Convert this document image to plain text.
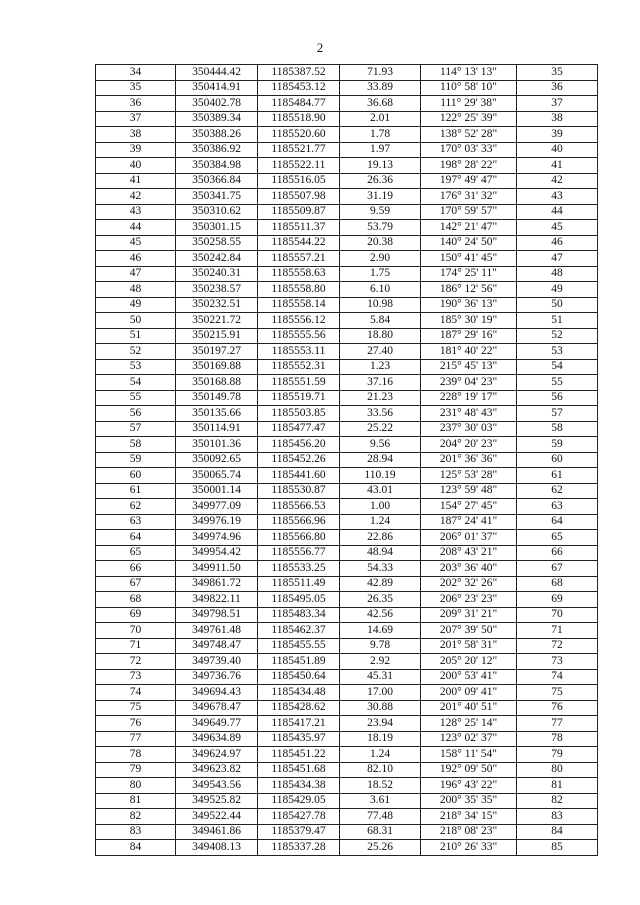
2
34	350444.42	1185387.52	71.93	114° 13' 13"	35
35	350414.91	1185453.12	33.89	110° 58' 10"	36
36	350402.78	1185484.77	36.68	111° 29' 38"	37
37	350389.34	1185518.90	2.01	122° 25' 39"	38
38	350388.26	1185520.60	1.78	138° 52' 28"	39
39	350386.92	1185521.77	1.97	170° 03' 33"	40
40	350384.98	1185522.11	19.13	198° 28' 22"	41
41	350366.84	1185516.05	26.36	197° 49' 47"	42
42	350341.75	1185507.98	31.19	176° 31' 32"	43
43	350310.62	1185509.87	9.59	170° 59' 57"	44
44	350301.15	1185511.37	53.79	142° 21' 47"	45
45	350258.55	1185544.22	20.38	140° 24' 50"	46
46	350242.84	1185557.21	2.90	150° 41' 45"	47
47	350240.31	1185558.63	1.75	174° 25' 11"	48
48	350238.57	1185558.80	6.10	186° 12' 56"	49
49	350232.51	1185558.14	10.98	190° 36' 13"	50
50	350221.72	1185556.12	5.84	185° 30' 19"	51
51	350215.91	1185555.56	18.80	187° 29' 16"	52
52	350197.27	1185553.11	27.40	181° 40' 22"	53
53	350169.88	1185552.31	1.23	215° 45' 13"	54
54	350168.88	1185551.59	37.16	239° 04' 23"	55
55	350149.78	1185519.71	21.23	228° 19' 17"	56
56	350135.66	1185503.85	33.56	231° 48' 43"	57
57	350114.91	1185477.47	25.22	237° 30' 03"	58
58	350101.36	1185456.20	9.56	204° 20' 23"	59
59	350092.65	1185452.26	28.94	201° 36' 36"	60
60	350065.74	1185441.60	110.19	125° 53' 28"	61
61	350001.14	1185530.87	43.01	123° 59' 48"	62
62	349977.09	1185566.53	1.00	154° 27' 45"	63
63	349976.19	1185566.96	1.24	187° 24' 41"	64
64	349974.96	1185566.80	22.86	206° 01' 37"	65
65	349954.42	1185556.77	48.94	208° 43' 21"	66
66	349911.50	1185533.25	54.33	203° 36' 40"	67
67	349861.72	1185511.49	42.89	202° 32' 26"	68
68	349822.11	1185495.05	26.35	206° 23' 23"	69
69	349798.51	1185483.34	42.56	209° 31' 21"	70
70	349761.48	1185462.37	14.69	207° 39' 50"	71
71	349748.47	1185455.55	9.78	201° 58' 31"	72
72	349739.40	1185451.89	2.92	205° 20' 12"	73
73	349736.76	1185450.64	45.31	200° 53' 41"	74
74	349694.43	1185434.48	17.00	200° 09' 41"	75
75	349678.47	1185428.62	30.88	201° 40' 51"	76
76	349649.77	1185417.21	23.94	128° 25' 14"	77
77	349634.89	1185435.97	18.19	123° 02' 37"	78
78	349624.97	1185451.22	1.24	158° 11' 54"	79
79	349623.82	1185451.68	82.10	192° 09' 50"	80
80	349543.56	1185434.38	18.52	196° 43' 22"	81
81	349525.82	1185429.05	3.61	200° 35' 35"	82
82	349522.44	1185427.78	77.48	218° 34' 15"	83
83	349461.86	1185379.47	68.31	218° 08' 23"	84
84	349408.13	1185337.28	25.26	210° 26' 33"	85
